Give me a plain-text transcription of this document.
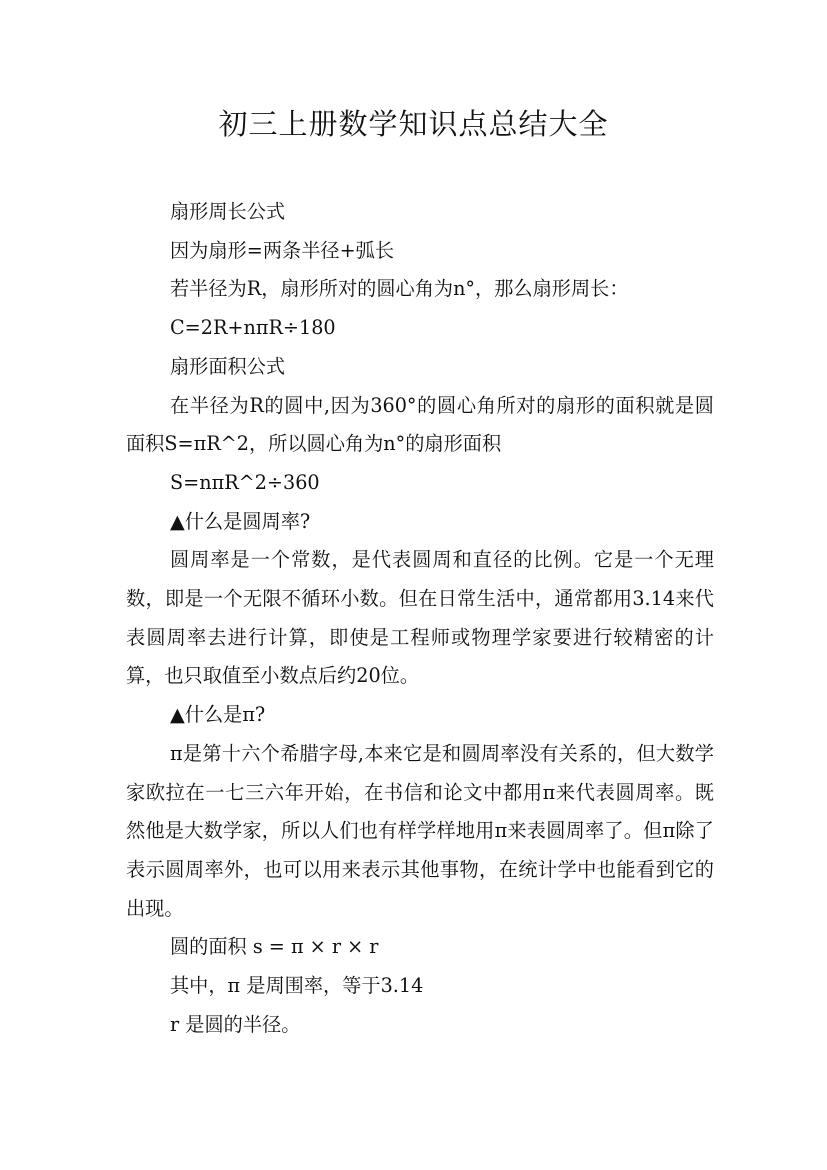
初三上册数学知识点总结大全

扇形周长公式

因为扇形=两条半径+弧长

若半径为R，扇形所对的圆心角为n°，那么扇形周长：

C=2R+nπR÷180

扇形面积公式

在半径为R的圆中,因为360°的圆心角所对的扇形的面积就是圆面积S=πR^2，所以圆心角为n°的扇形面积

S=nπR^2÷360

▲什么是圆周率?

圆周率是一个常数，是代表圆周和直径的比例。它是一个无理数，即是一个无限不循环小数。但在日常生活中，通常都用3.14来代表圆周率去进行计算，即使是工程师或物理学家要进行较精密的计算，也只取值至小数点后约20位。

▲什么是π?

π是第十六个希腊字母,本来它是和圆周率没有关系的，但大数学家欧拉在一七三六年开始，在书信和论文中都用π来代表圆周率。既然他是大数学家，所以人们也有样学样地用π来表圆周率了。但π除了表示圆周率外，也可以用来表示其他事物，在统计学中也能看到它的出现。

圆的面积 s = π × r × r

其中，π 是周围率，等于3.14

r 是圆的半径。
